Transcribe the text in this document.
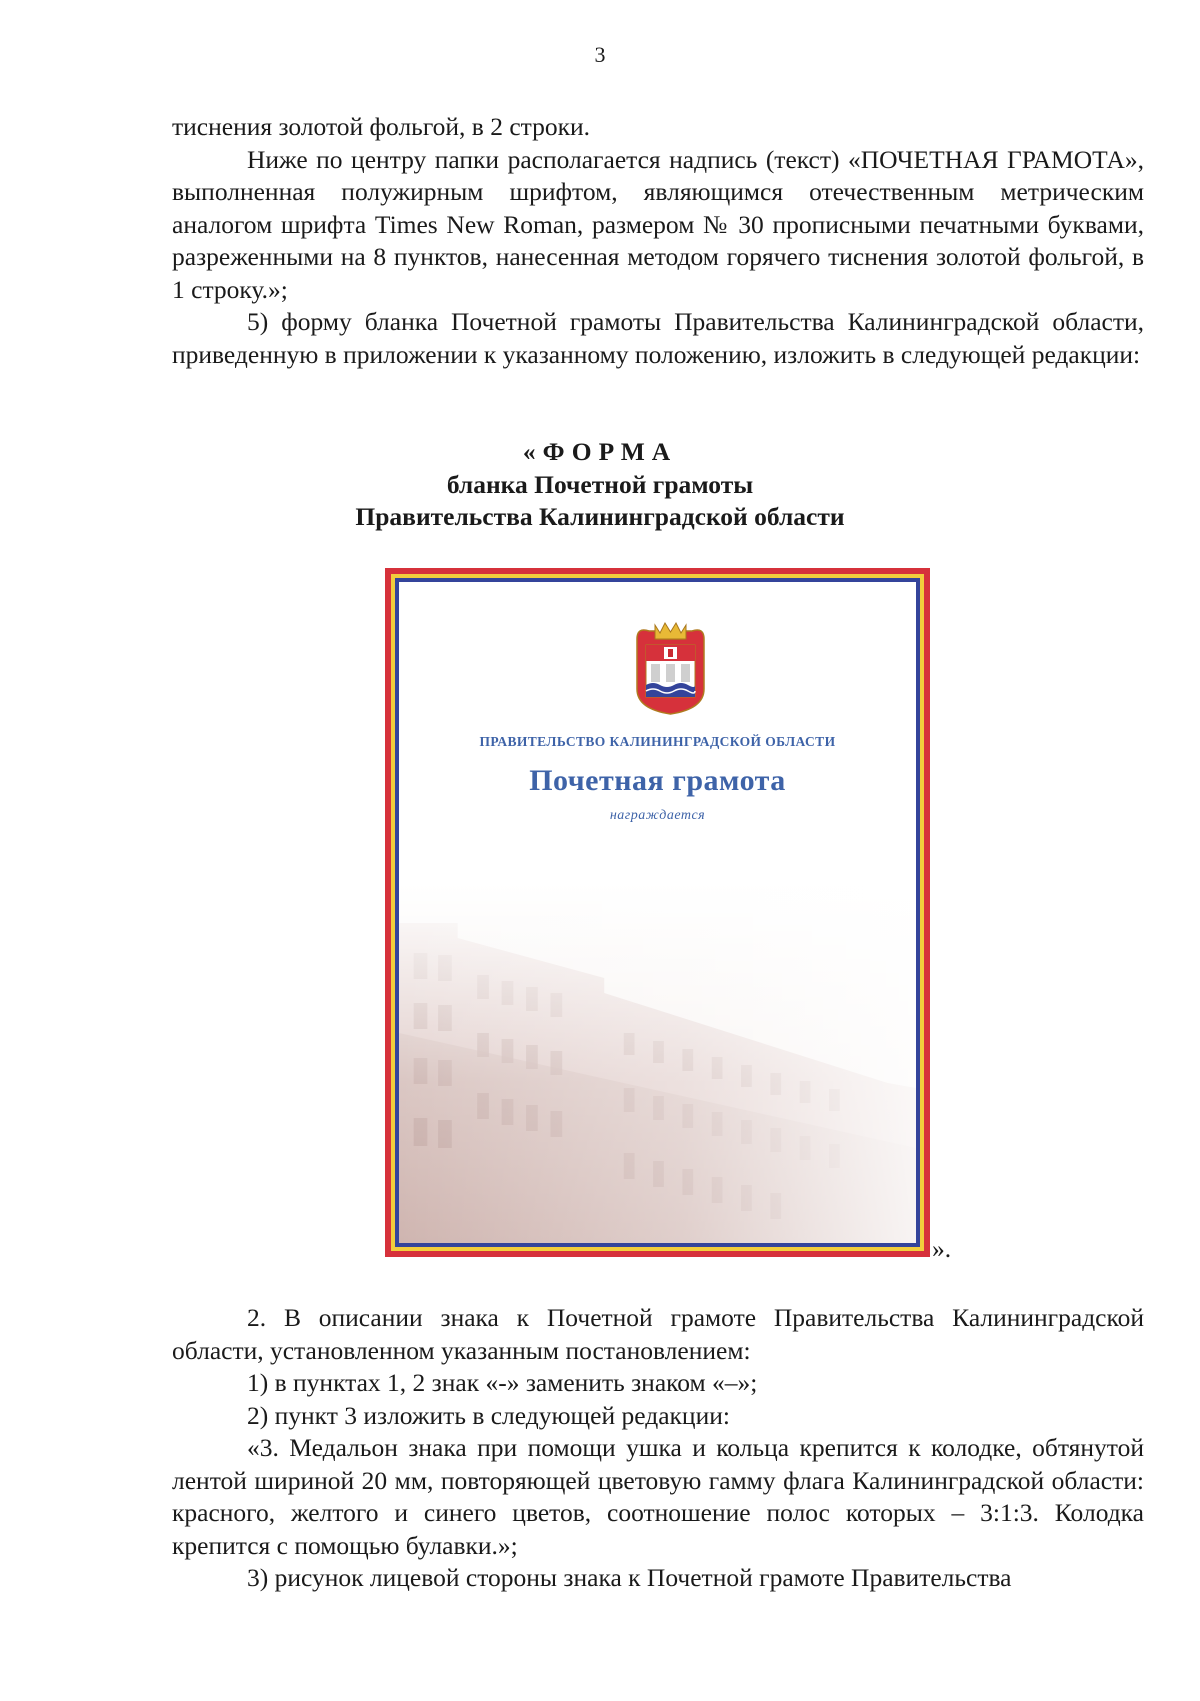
3

тиснения золотой фольгой, в 2 строки.

Ниже по центру папки располагается надпись (текст) «ПОЧЕТНАЯ ГРАМОТА», выполненная полужирным шрифтом, являющимся отечественным метрическим аналогом шрифта Times New Roman, размером № 30 прописными печатными буквами, разреженными на 8 пунктов, нанесенная методом горячего тиснения золотой фольгой, в 1 строку.»;

5) форму бланка Почетной грамоты Правительства Калининградской области, приведенную в приложении к указанному положению, изложить в следующей редакции:

«ФОРМА
бланка Почетной грамоты
Правительства Калининградской области
ПРАВИТЕЛЬСТВО КАЛИНИНГРАДСКОЙ ОБЛАСТИ
Почетная грамота
награждается
».

2. В описании знака к Почетной грамоте Правительства Калининградской области, установленном указанным постановлением:

1) в пунктах 1, 2 знак «-» заменить знаком «–»;

2) пункт 3 изложить в следующей редакции:

«3. Медальон знака при помощи ушка и кольца крепится к колодке, обтянутой лентой шириной 20 мм, повторяющей цветовую гамму флага Калининградской области: красного, желтого и синего цветов, соотношение полос которых – 3:1:3. Колодка крепится с помощью булавки.»;

3) рисунок лицевой стороны знака к Почетной грамоте Правительства
